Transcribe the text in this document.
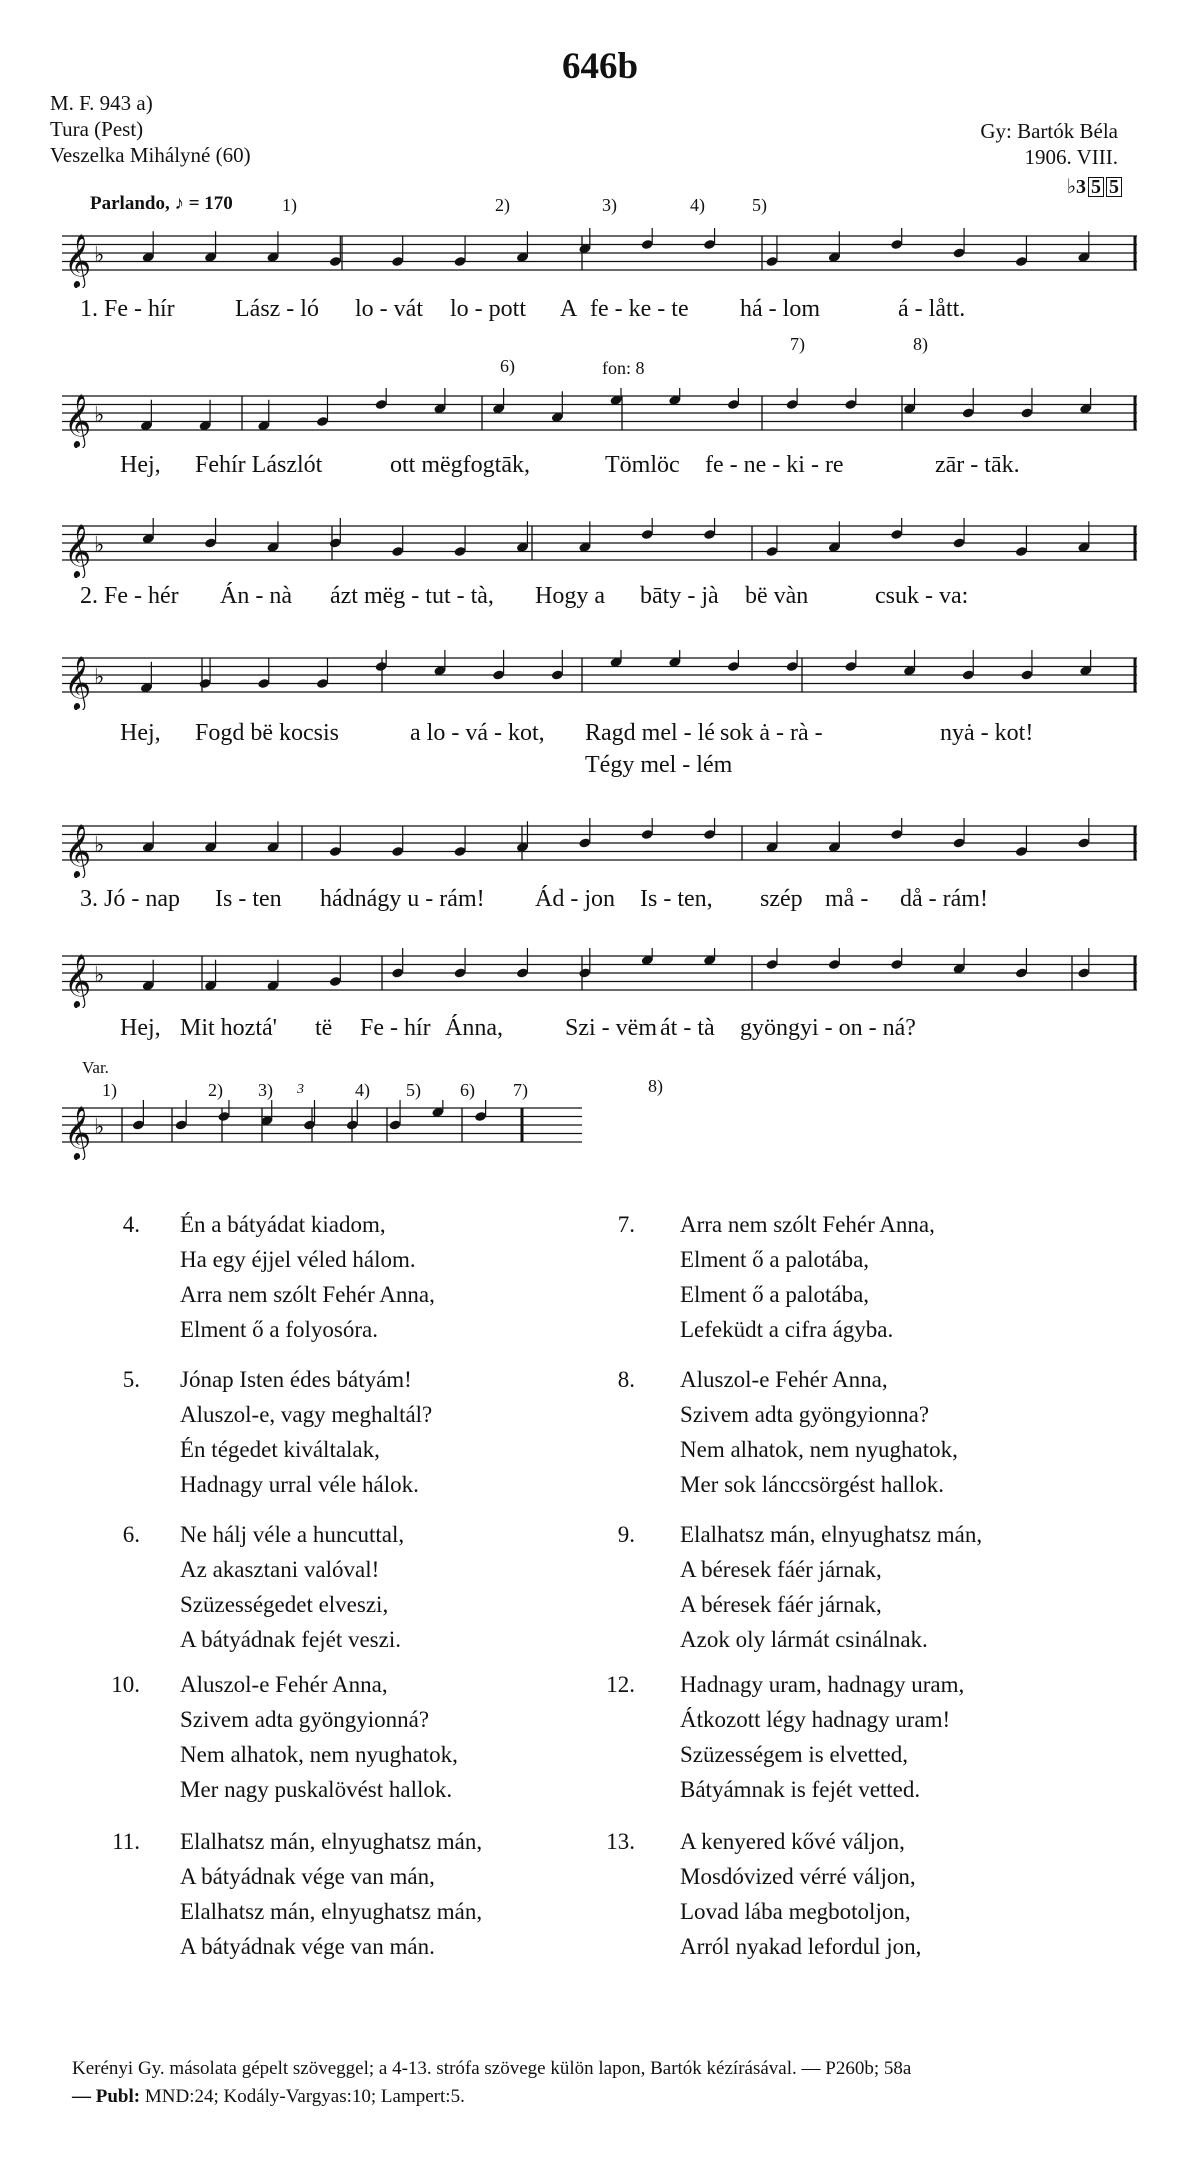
646b
M. F. 943 a)
Tura (Pest)
Veszelka Mihályné (60)
Gy: Bartók Béla
1906. VIII.
♭3 5 5
Parlando, ♪ = 170	1)	2)	3)	4)	5)
6)	fon: 8
7)	8)
𝄞 ♭
𝄞 ♭
𝄞 ♭
𝄞 ♭
𝄞 ♭
𝄞 ♭
𝄞 ♭
1. Fe - hír	Lász - ló lo - vát lo - pott A fe - ke - te há - lom	á - lått.
Hej, Fehír Lászlót	ott mëgfogtāk,	Tömlöc fe - ne - ki - re	zār - tāk.
2. Fe - hér Án - nà ázt mëg - tut - tà, Hogy a bāty - jà bë vàn	csuk - va:
Hej, Fogd bë kocsis	a lo - vá - kot, Ragd mel - lé sok ȧ - rà -	nyȧ - kot!
Tégy mel - lém
3. Jó - nap Is - ten hádnágy u - rám! Ád - jon Is - ten, szép må - då - rám!
Hej, Mit hoztá' të Fe - hír Ánna,	Szi - vëm át - tà gyöngyi - on - ná?
Var.
1)	2) 3)	4) 5) 6) 7)	8)
3
4. Én a bátyádat kiadom,
Ha egy éjjel véled hálom.
Arra nem szólt Fehér Anna,
Elment ő a folyosóra.
5. Jónap Isten édes bátyám!
Aluszol-e, vagy meghaltál?
Én tégedet kiváltalak,
Hadnagy urral véle hálok.
6. Ne hálj véle a huncuttal,
Az akasztani valóval!
Szüzességedet elveszi,
A bátyádnak fejét veszi.
10. Aluszol-e Fehér Anna,
Szivem adta gyöngyionná?
Nem alhatok, nem nyughatok,
Mer nagy puskalövést hallok.
11. Elalhatsz mán, elnyughatsz mán,
A bátyádnak vége van mán,
Elalhatsz mán, elnyughatsz mán,
A bátyádnak vége van mán.
7. Arra nem szólt Fehér Anna,
Elment ő a palotába,
Elment ő a palotába,
Lefeküdt a cifra ágyba.
8. Aluszol-e Fehér Anna,
Szivem adta gyöngyionna?
Nem alhatok, nem nyughatok,
Mer sok lánccsörgést hallok.
9. Elalhatsz mán, elnyughatsz mán,
A béresek fáér járnak,
A béresek fáér járnak,
Azok oly lármát csinálnak.
12. Hadnagy uram, hadnagy uram,
Átkozott légy hadnagy uram!
Szüzességem is elvetted,
Bátyámnak is fejét vetted.
13. A kenyered kővé váljon,
Mosdóvized vérré váljon,
Lovad lába megbotoljon,
Arról nyakad lefordul jon,
Kerényi Gy. másolata gépelt szöveggel; a 4-13. strófa szövege külön lapon, Bartók kézírásával. — P260b; 58a
— Publ: MND:24; Kodály-Vargyas:10; Lampert:5.
